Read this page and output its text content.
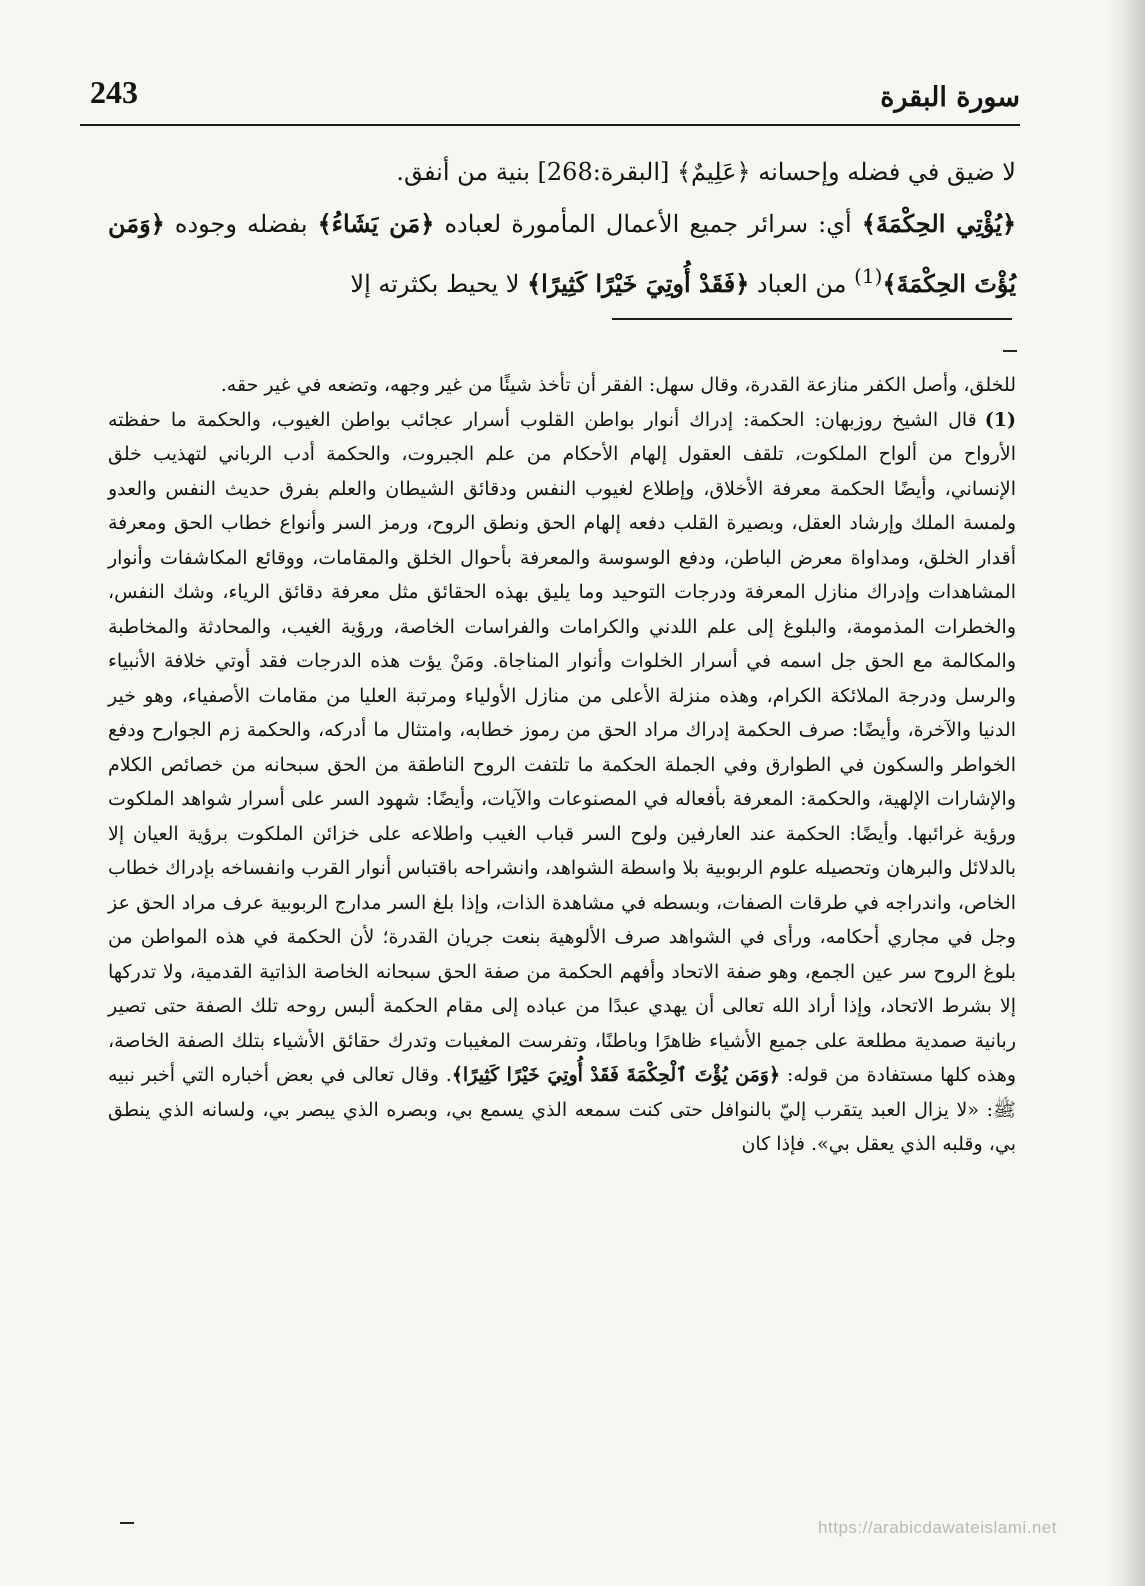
243	سورة البقرة

لا ضيق في فضله وإحسانه ﴿عَلِيمٌ﴾ [البقرة:268] بنية من أنفق.

﴿يُؤْتِي الحِكْمَةَ﴾ أي: سرائر جميع الأعمال المأمورة لعباده ﴿مَن يَشَاءُ﴾ بفضله وجوده ﴿وَمَن يُؤْتَ الحِكْمَةَ﴾$^{(1)}$ من العباد ﴿فَقَدْ أُوتِيَ خَيْرًا كَثِيرًا﴾ لا يحيط بكثرته إلا

للخلق، وأصل الكفر منازعة القدرة، وقال سهل: الفقر أن تأخذ شيئًا من غير وجهه، وتضعه في غير حقه.

(1)قال الشيخ روزبهان: الحكمة: إدراك أنوار بواطن القلوب أسرار عجائب بواطن الغيوب، والحكمة ما حفظته الأرواح من ألواح الملكوت، تلقف العقول إلهام الأحكام من علم الجبروت، والحكمة أدب الرباني لتهذيب خلق الإنساني، وأيضًا الحكمة معرفة الأخلاق، وإطلاع لغيوب النفس ودقائق الشيطان والعلم بفرق حديث النفس والعدو ولمسة الملك وإرشاد العقل، وبصيرة القلب دفعه إلهام الحق ونطق الروح، ورمز السر وأنواع خطاب الحق ومعرفة أقدار الخلق، ومداواة معرض الباطن، ودفع الوسوسة والمعرفة بأحوال الخلق والمقامات، ووقائع المكاشفات وأنوار المشاهدات وإدراك منازل المعرفة ودرجات التوحيد وما يليق بهذه الحقائق مثل معرفة دقائق الرياء، وشك النفس، والخطرات المذمومة، والبلوغ إلى علم اللدني والكرامات والفراسات الخاصة، ورؤية الغيب، والمحادثة والمخاطبة والمكالمة مع الحق جل اسمه في أسرار الخلوات وأنوار المناجاة. ومَنْ يؤت هذه الدرجات فقد أوتي خلافة الأنبياء والرسل ودرجة الملائكة الكرام، وهذه منزلة الأعلى من منازل الأولياء ومرتبة العليا من مقامات الأصفياء، وهو خير الدنيا والآخرة، وأيضًا: صرف الحكمة إدراك مراد الحق من رموز خطابه، وامتثال ما أدركه، والحكمة زم الجوارح ودفع الخواطر والسكون في الطوارق وفي الجملة الحكمة ما تلتفت الروح الناطقة من الحق سبحانه من خصائص الكلام والإشارات الإلهية، والحكمة: المعرفة بأفعاله في المصنوعات والآيات، وأيضًا: شهود السر على أسرار شواهد الملكوت ورؤية غرائبها. وأيضًا: الحكمة عند العارفين ولوح السر قباب الغيب واطلاعه على خزائن الملكوت برؤية العيان إلا بالدلائل والبرهان وتحصيله علوم الربوبية بلا واسطة الشواهد، وانشراحه باقتباس أنوار القرب وانفساخه بإدراك خطاب الخاص، واندراجه في طرقات الصفات، وبسطه في مشاهدة الذات، وإذا بلغ السر مدارج الربوبية عرف مراد الحق عز وجل في مجاري أحكامه، ورأى في الشواهد صرف الألوهية بنعت جريان القدرة؛ لأن الحكمة في هذه المواطن من بلوغ الروح سر عين الجمع، وهو صفة الاتحاد وأفهم الحكمة من صفة الحق سبحانه الخاصة الذاتية القدمية، ولا تدركها إلا بشرط الاتحاد، وإذا أراد الله تعالى أن يهدي عبدًا من عباده إلى مقام الحكمة ألبس روحه تلك الصفة حتى تصير ربانية صمدية مطلعة على جميع الأشياء ظاهرًا وباطنًا، وتفرست المغيبات وتدرك حقائق الأشياء بتلك الصفة الخاصة، وهذه كلها مستفادة من قوله: ﴿وَمَن يُؤْتَ ٱلْحِكْمَةَ فَقَدْ أُوتِيَ خَيْرًا كَثِيرًا﴾. وقال تعالى في بعض أخباره التي أخبر نبيه ﷺ: «لا يزال العبد يتقرب إليّ بالنوافل حتى كنت سمعه الذي يسمع بي، وبصره الذي يبصر بي، ولسانه الذي ينطق بي، وقلبه الذي يعقل بي». فإذا كان

https://arabicdawateislami.net
